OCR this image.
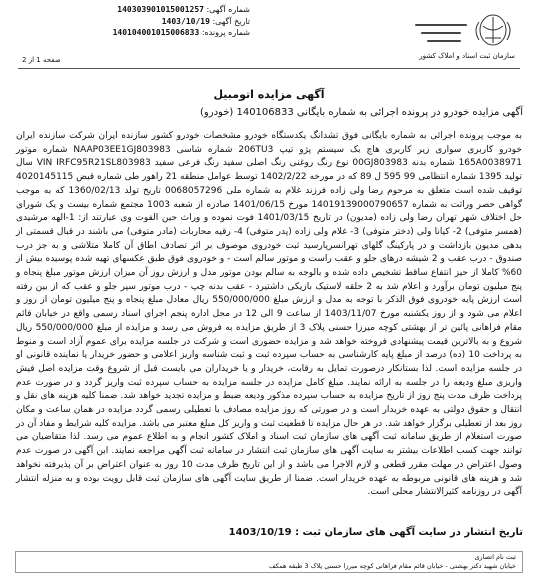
شماره آگهی: 140303901015001257
تاریخ آگهی: 1403/10/19
شماره پرونده: 140104001015006833
سازمان ثبت اسناد و املاک کشور
صفحه 1 از 2
آگهی مزایده اتومبیل
آگهی مزایده خودرو در پرونده اجرائی به شماره بایگانی 140106833 (خودرو)
به موجب پرونده اجرائی به شماره بایگانی فوق تشدانگ یکدستگاه خودرو مشخصات خودرو کشور سازنده ایران شرکت سازنده ایران خودرو کاربری سواری زیر کاربری هاچ بک سیستم پژو تیپ 206TU3 شماره شاسی NAAP03EE1GJ803983 شماره موتور 165A0038971 شماره بدنه 00GJ803983 نوع رنگ روغنی رنگ اصلی سفید رنگ فرعی سفید VIN IRFC95R21SL803983 سال تولید 1395 شماره انتظامی 99 595 ل 89 که در مورخه 1402/2/22 توسط عوامل منطقه 21 راهور طی شماره قبض 4020145115 توقیف شده است متعلق به مرحوم رضا ولی زاده فرزند غلام به شماره ملی 0068057296 تاریخ تولد 1360/02/13 که به موجب گواهی حصر وراثت به شماره 14019139000790657 مورخ 1401/06/15 صادره از شعبه 1003 مجتمع شماره بیست و یک شورای حل اختلاف شهر تهران رضا ولی زاده (مدیون) در تاریخ 1401/03/15 فوت نموده و وراث حین الفوت وی عبارتند از: 1-الهه مرشیدی (همسر متوفی) 2- کیانا ولی (دختر متوفی) 3- غلام ولی زاده (پدر متوفی) 4- رقیه محاربات (مادر متوفی) می باشند در قبال قسمتی از بدهی مدیون بازداشت و در پارکینگ گلهای تهرانسرپارسید ثبت خودروی موصوف بر اثر تصادف اطاق آن کاملا متلاشی و به جز درب صندوق - درب عقب و 2 شیشه درهای جلو و عقب راست و موتور سالم است - و خودروی فوق طبق عکسهای تهیه شده پوسیده بیش از 60% کاملا از حیز انتفاع ساقط تشخیص داده شده و بالوجه به سالم بودن موتور مدل و ارزش روز آن میزان ارزش موتور مبلغ پنجاه و پنج میلیون تومان برآورد و اعلام شد به 2 حلقه لاستیک بازیکی داشتیرد - عقب بدنه چپ - درب موتور سپر جلو و عقب که از بین رفته است ارزش پایه خودروی فوق الذکر با توجه به مدل و ارزش مبلغ 550/000/000 ریال معادل مبلغ پنجاه و پنج میلیون تومان از روز و اعلام می شود و از روز یکشنبه مورخ 1403/11/07 از ساعت 9 الی 12 در محل اداره پنجم اجرای اسناد رسمی واقع در خیابان قائم مقام فراهانی پائین تر از بهشتی کوچه میرزا حسنی پلاک 3 از طریق مزایده به فروش می رسد و مزایده از مبلغ 550/000/000 ریال شروع و به بالاترین قیمت پیشنهادی فروخته خواهد شد و مزایده حضوری است و شرکت در جلسه مزایده برای عموم آزاد است و منوط به پرداخت 10 (ده) درصد از مبلغ پایه کارشناسی به حساب سپرده ثبت و ثبت شناسه واریز اعلامی و حضور خریدار یا نماینده قانونی او در جلسه مزایده است. لذا بستانکار درصورت تمایل به رقابت، خریدار و یا خریداران می بایست قبل از شروع وقت مزایده اصل فیش واریزی مبلغ ودیعه را در جلسه به ارائه نمایند. مبلغ کامل مزایده در جلسه مزایده به حساب سپرده ثبت واریز گردد و در صورت عدم پرداخت ظرف مدت پنج روز از تاریخ مزایده به حساب سپرده مذکور ودیعه ضبط و مزایده تجدید خواهد شد. ضمنا کلیه هزینه های نقل و انتقال و حقوق دولتی به عهده خریدار است و در صورتی که روز مزایده مصادف با تعطیلی رسمی گردد مزایده در همان ساعت و مکان روز بعد از تعطیلی برگزار خواهد شد. در هر حال مزایده تا قطعیت ثبت و واریز کل مبلغ معتبر می باشد. مزایده کلیه شرایط و مفاد آن در صورت استعلام از طریق سامانه ثبت آگهی های سازمان ثبت اسناد و املاک کشور انجام و به اطلاع عموم می رسد. لذا متقاضیان می توانند جهت کسب اطلاعات بیشتر به سایت آگهی های سازمان ثبت انتشار در سامانه ثبت آگهی مراجعه نمایند. این آگهی در صورت عدم وصول اعتراض در مهلت مقرر قطعی و لازم الاجرا می باشد و از این تاریخ ظرف مدت 10 روز به عنوان اعتراض بر آن پذیرفته نخواهد شد و هزینه های قانونی مربوطه به عهده خریدار است. ضمنا از طریق سایت آگهی های سازمان ثبت قابل رویت بوده و به منزله انتشار آگهی در روزنامه کثیرالانتشار محلی است.
تاریخ انتشار در سایت آگهی های سازمان ثبت : 1403/10/19
ثبت نام اتصاری
خیابان شهید دکتر بهشتی - خیابان قائم مقام فراهانی کوچه میرزا حسنی پلاک 3 طبقه همکف
